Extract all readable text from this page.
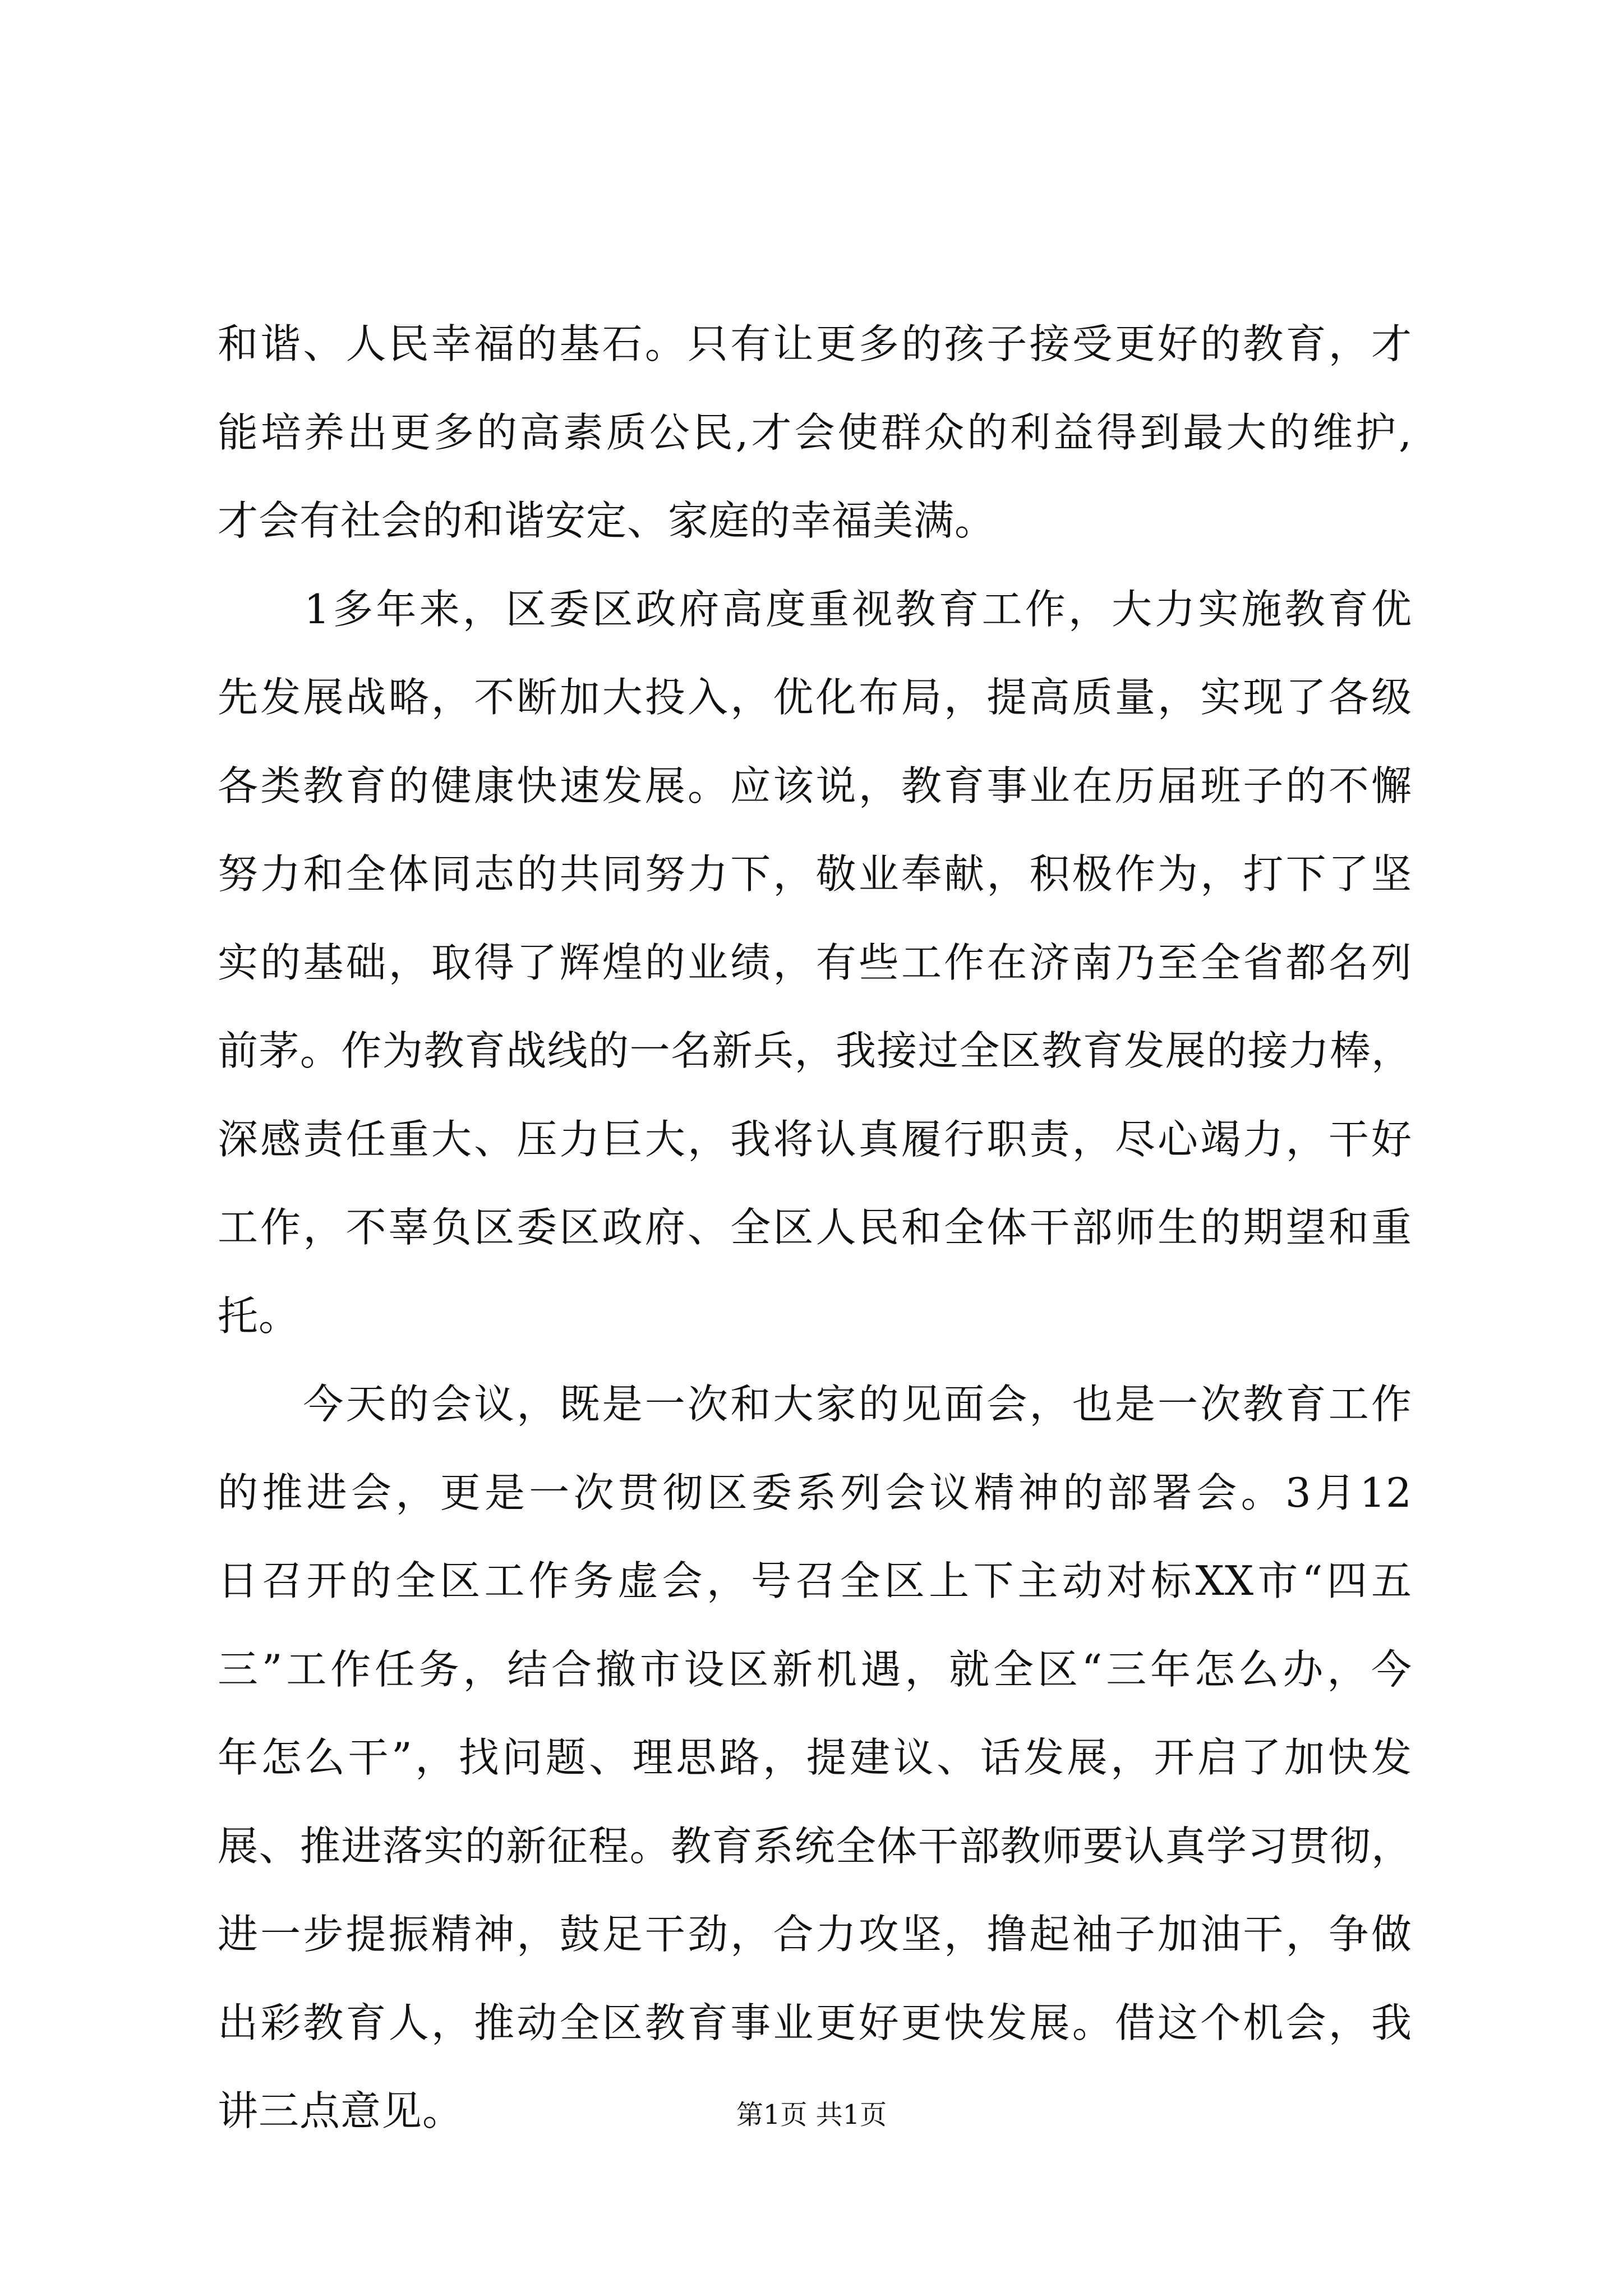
和谐、人民幸福的基石。只有让更多的孩子接受更好的教育，才
能培养出更多的高素质公民,才会使群众的利益得到最大的维护,
才会有社会的和谐安定、家庭的幸福美满。
　　1多年来，区委区政府高度重视教育工作，大力实施教育优
先发展战略，不断加大投入，优化布局，提高质量，实现了各级
各类教育的健康快速发展。应该说，教育事业在历届班子的不懈
努力和全体同志的共同努力下，敬业奉献，积极作为，打下了坚
实的基础，取得了辉煌的业绩，有些工作在济南乃至全省都名列
前茅。作为教育战线的一名新兵，我接过全区教育发展的接力棒，
深感责任重大、压力巨大，我将认真履行职责，尽心竭力，干好
工作，不辜负区委区政府、全区人民和全体干部师生的期望和重
托。
　　今天的会议，既是一次和大家的见面会，也是一次教育工作
的推进会，更是一次贯彻区委系列会议精神的部署会。3月12
日召开的全区工作务虚会，号召全区上下主动对标XX市“四五
三”工作任务，结合撤市设区新机遇，就全区“三年怎么办，今
年怎么干”，找问题、理思路，提建议、话发展，开启了加快发
展、推进落实的新征程。教育系统全体干部教师要认真学习贯彻，
进一步提振精神，鼓足干劲，合力攻坚，撸起袖子加油干，争做
出彩教育人，推动全区教育事业更好更快发展。借这个机会，我
讲三点意见。	第1页 共1页
